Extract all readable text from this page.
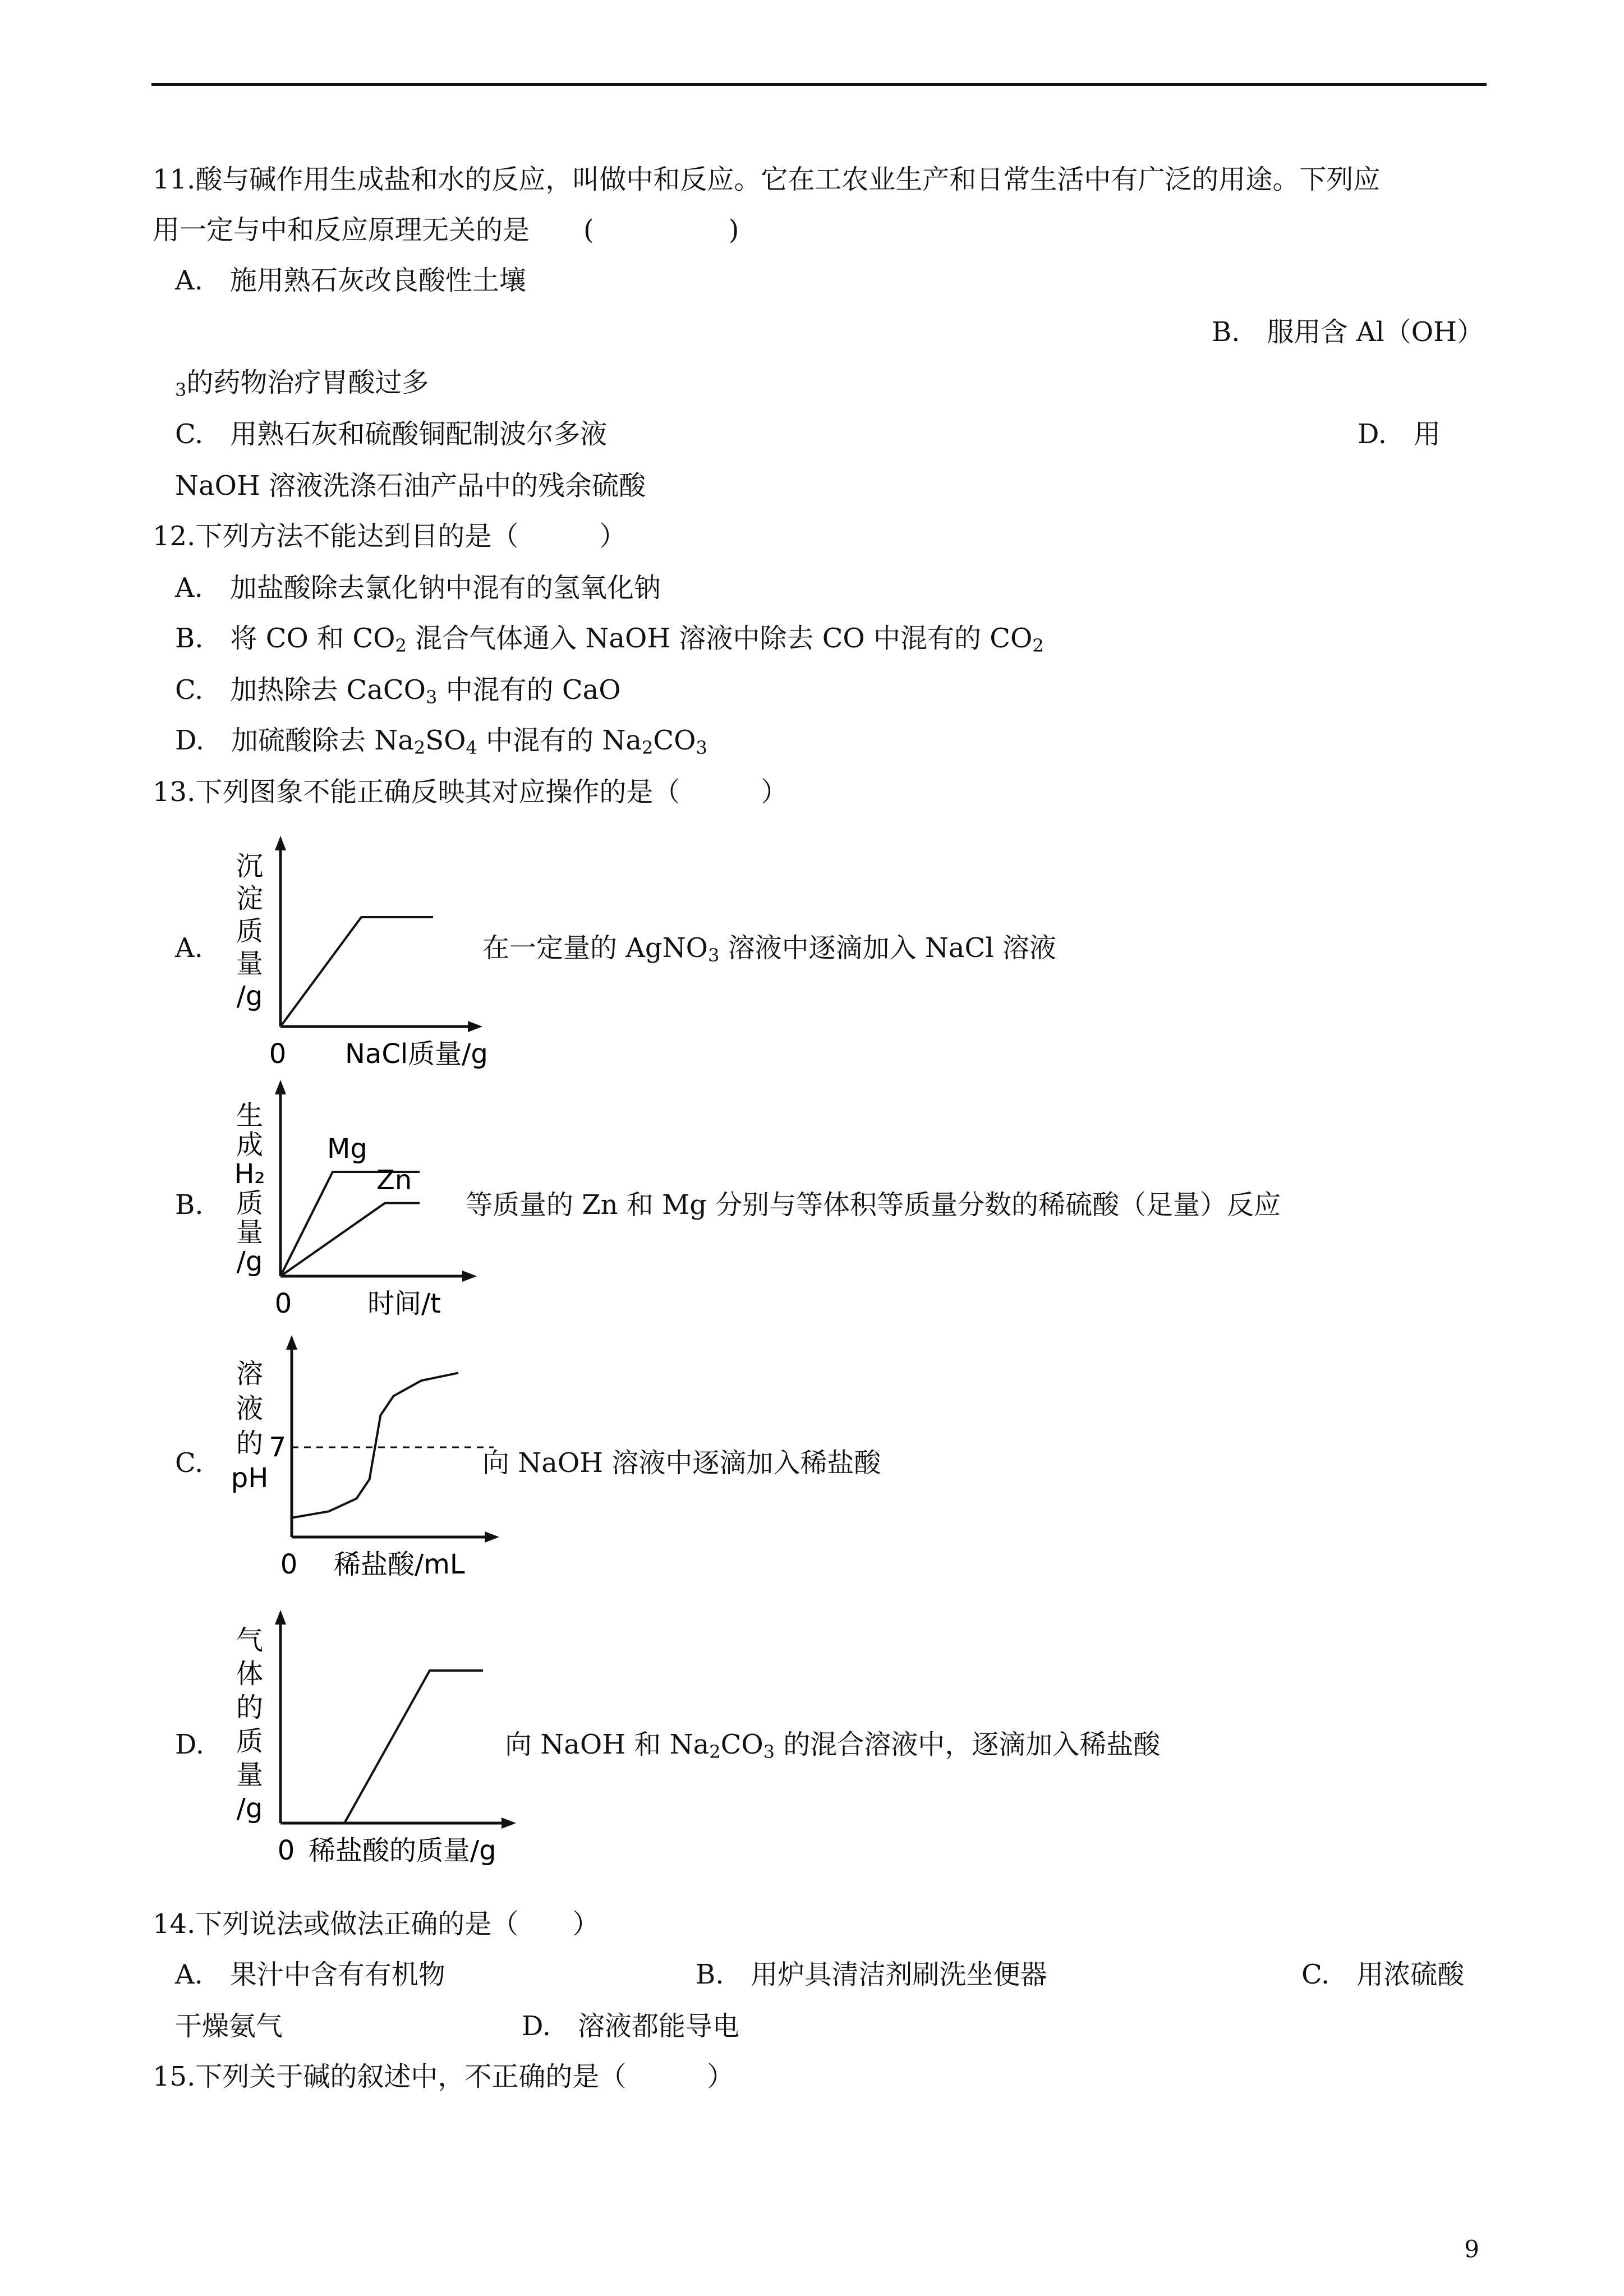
11.酸与碱作用生成盐和水的反应，叫做中和反应。它在工农业生产和日常生活中有广泛的用途。下列应
用一定与中和反应原理无关的是　　(　　　　　)
A.　施用熟石灰改良酸性土壤
B.　服用含 Al（OH）
$_3$的药物治疗胃酸过多
C.　用熟石灰和硫酸铜配制波尔多液	D.　用
NaOH 溶液洗涤石油产品中的残余硫酸
12.下列方法不能达到目的是（　　　）
A.　加盐酸除去氯化钠中混有的氢氧化钠
B.　将 CO 和 $CO_2$ 混合气体通入 NaOH 溶液中除去 CO 中混有的 $CO_2$
C.　加热除去 CaCO$_3$ 中混有的 CaO
D.　加硫酸除去 $Na_2SO_4$ 中混有的 $Na_2CO_3$
13.下列图象不能正确反映其对应操作的是（　　　）
A.	在一定量的 AgNO$_3$ 溶液中逐滴加入 NaCl 溶液
B.	等质量的 Zn 和 Mg 分别与等体积等质量分数的稀硫酸（足量）反应
C.	向 NaOH 溶液中逐滴加入稀盐酸
D.	向 NaOH 和 $Na_2CO_3$ 的混合溶液中，逐滴加入稀盐酸
沉
淀
质
量
/g
0 NaCl质量/g
生
成
H₂
质
量
/g
0	时间/t
Mg
Zn
溶
液
的
pH
0 稀盐酸/mL
7
气
体
的
质
量
/g
0 稀盐酸的质量/g
14.下列说法或做法正确的是（　　）
A.　果汁中含有有机物	B.　用炉具清洁剂刷洗坐便器	C.　用浓硫酸
干燥氨气	D.　溶液都能导电
15.下列关于碱的叙述中，不正确的是（　　　）
9
